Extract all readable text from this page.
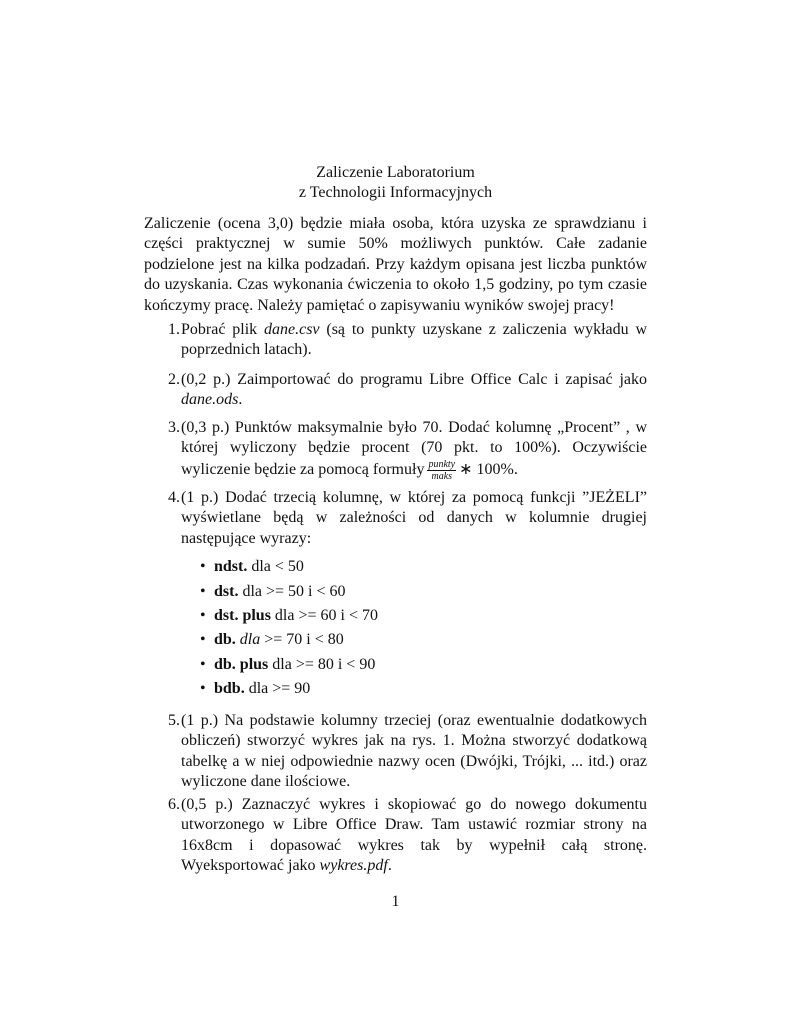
Zaliczenie Laboratorium
z Technologii Informacyjnych
Zaliczenie (ocena 3,0) będzie miała osoba, która uzyska ze sprawdzianu i części praktycznej w sumie 50% możliwych punktów. Całe zadanie podzielone jest na kilka podzadań. Przy każdym opisana jest liczba punktów do uzyskania. Czas wykonania ćwiczenia to około 1,5 godziny, po tym czasie kończymy pracę. Należy pamiętać o zapisywaniu wyników swojej pracy!
1. Pobrać plik dane.csv (są to punkty uzyskane z zaliczenia wykładu w poprzednich latach).
2. (0,2 p.) Zaimportować do programu Libre Office Calc i zapisać jako dane.ods.
3. (0,3 p.) Punktów maksymalnie było 70. Dodać kolumnę „Procent” , w której wyliczony będzie procent (70 pkt. to 100%). Oczywiście wyliczenie będzie za pomocą formuły $\frac{\text{punkty}}{\text{maks}}$ ∗ 100%.
4. (1 p.) Dodać trzecią kolumnę, w której za pomocą funkcji ”JEŻELI” wyświetlane będą w zależności od danych w kolumnie drugiej następujące wyrazy:
• ndst. dla < 50
• dst. dla >= 50 i < 60
• dst. plus dla >= 60 i < 70
• db. dla >= 70 i < 80
• db. plus dla >= 80 i < 90
• bdb. dla >= 90
5. (1 p.) Na podstawie kolumny trzeciej (oraz ewentualnie dodatkowych obliczeń) stworzyć wykres jak na rys. 1. Można stworzyć dodatkową tabelkę a w niej odpowiednie nazwy ocen (Dwójki, Trójki, ... itd.) oraz wyliczone dane ilościowe.
6. (0,5 p.) Zaznaczyć wykres i skopiować go do nowego dokumentu utworzonego w Libre Office Draw. Tam ustawić rozmiar strony na 16x8cm i dopasować wykres tak by wypełnił całą stronę. Wyeksportować jako wykres.pdf.
1
